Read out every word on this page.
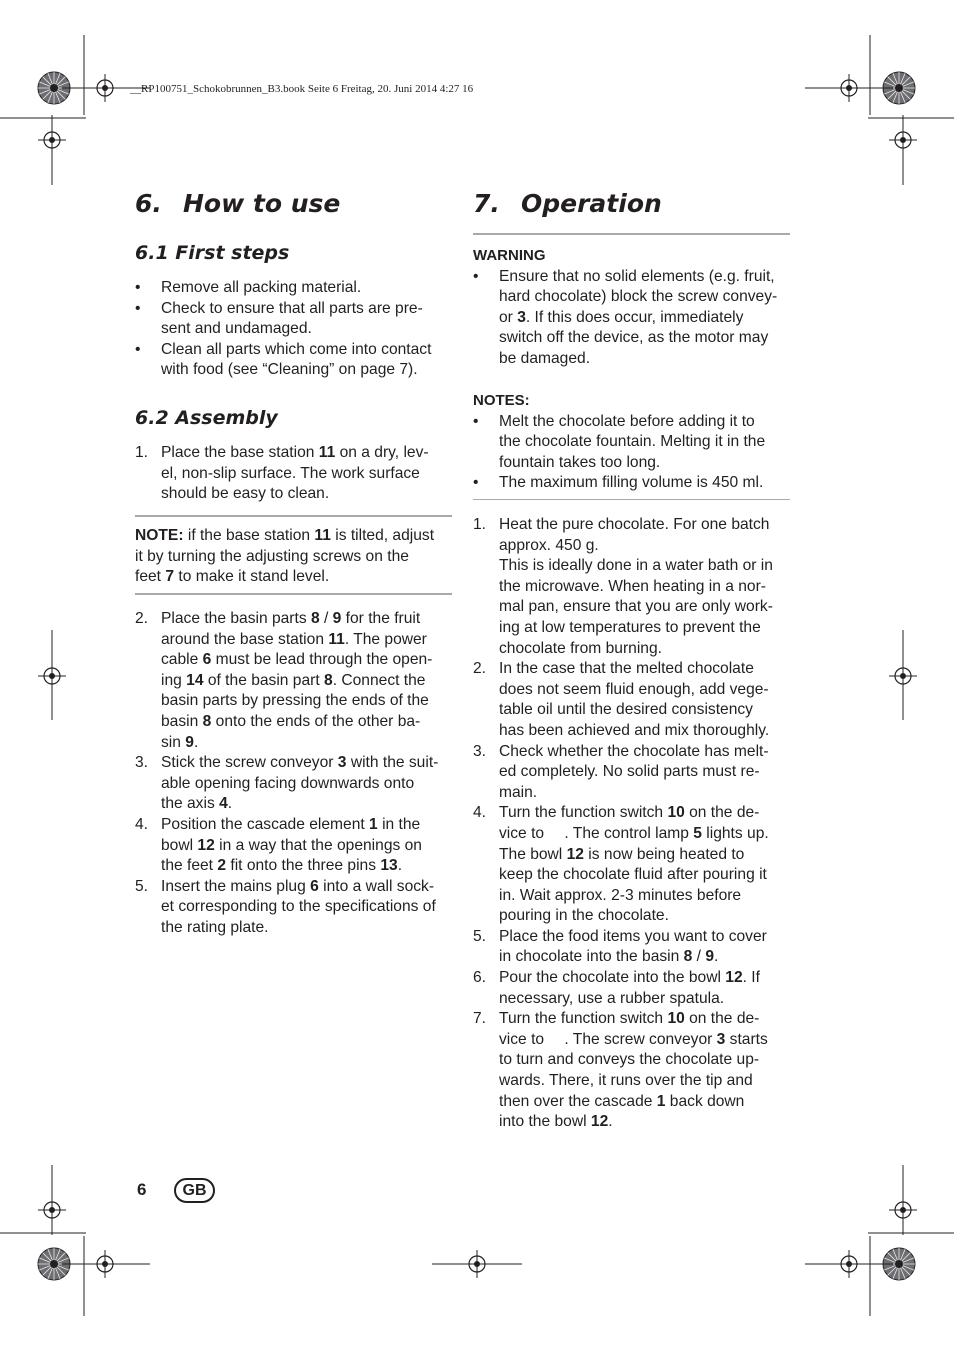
__RP100751_Schokobrunnen_B3.book Seite 6 Freitag, 20. Juni 2014 4:27 16
6. How to use
6.1 First steps
• Remove all packing material.
• Check to ensure that all parts are pre-
sent and undamaged.
• Clean all parts which come into contact
with food (see “Cleaning” on page 7).
6.2 Assembly
1. Place the base station 11 on a dry, lev-
el, non-slip surface. The work surface
should be easy to clean.
NOTE: if the base station 11 is tilted, adjust
it by turning the adjusting screws on the
feet 7 to make it stand level.
2. Place the basin parts 8 / 9 for the fruit
around the base station 11. The power
cable 6 must be lead through the open-
ing 14 of the basin part 8. Connect the
basin parts by pressing the ends of the
basin 8 onto the ends of the other ba-
sin 9.
3. Stick the screw conveyor 3 with the suit-
able opening facing downwards onto
the axis 4.
4. Position the cascade element 1 in the
bowl 12 in a way that the openings on
the feet 2 fit onto the three pins 13.
5. Insert the mains plug 6 into a wall sock-
et corresponding to the specifications of
the rating plate.
7. Operation
WARNING
• Ensure that no solid elements (e.g. fruit,
hard chocolate) block the screw convey-
or 3. If this does occur, immediately
switch off the device, as the motor may
be damaged.
NOTES:
• Melt the chocolate before adding it to
the chocolate fountain. Melting it in the
fountain takes too long.
• The maximum filling volume is 450 ml.
1. Heat the pure chocolate. For one batch
approx. 450 g.
This is ideally done in a water bath or in
the microwave. When heating in a nor-
mal pan, ensure that you are only work-
ing at low temperatures to prevent the
chocolate from burning.
2. In the case that the melted chocolate
does not seem fluid enough, add vege-
table oil until the desired consistency
has been achieved and mix thoroughly.
3. Check whether the chocolate has melt-
ed completely. No solid parts must re-
main.
4. Turn the function switch 10 on the de-
vice to . The control lamp 5 lights up.
The bowl 12 is now being heated to
keep the chocolate fluid after pouring it
in. Wait approx. 2-3 minutes before
pouring in the chocolate.
5. Place the food items you want to cover
in chocolate into the basin 8 / 9.
6. Pour the chocolate into the bowl 12. If
necessary, use a rubber spatula.
7. Turn the function switch 10 on the de-
vice to . The screw conveyor 3 starts
to turn and conveys the chocolate up-
wards. There, it runs over the tip and
then over the cascade 1 back down
into the bowl 12.
6	GB
